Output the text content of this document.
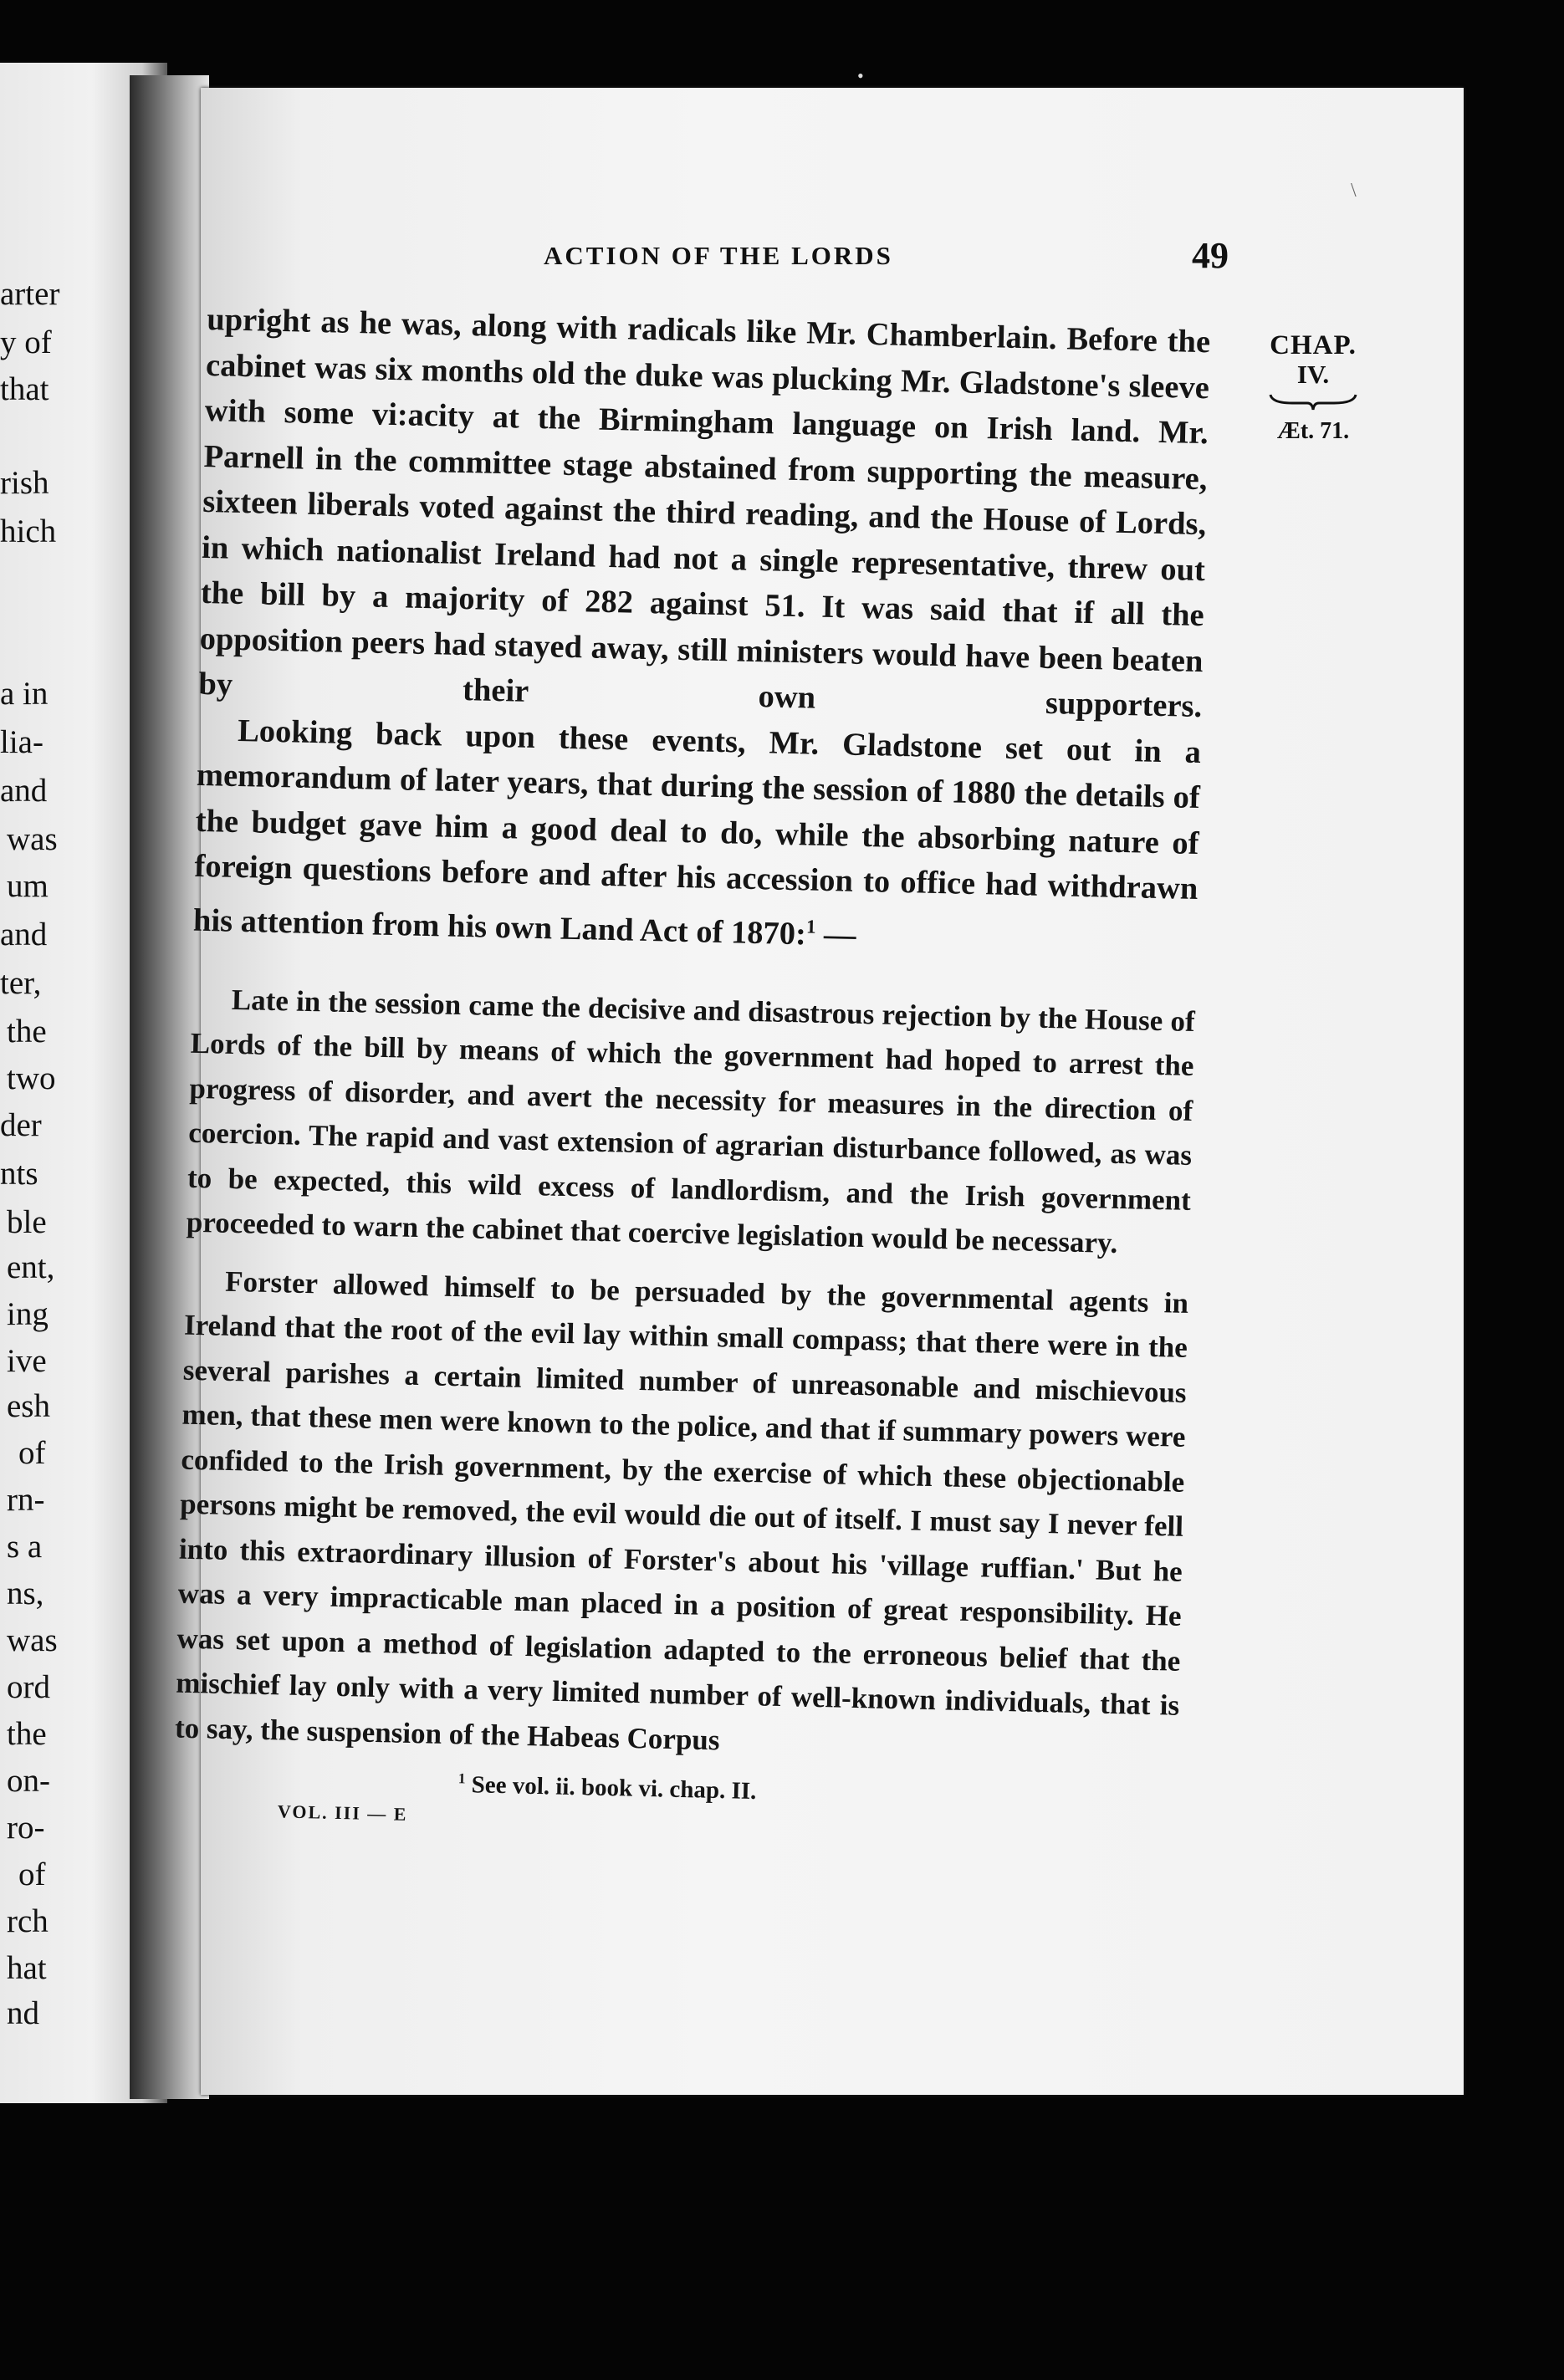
arter
y of
that
rish
hich
a in
lia-
and
was
um
and
ter,
the
two
der
nts
ble
ent,
ing
ive
esh
of
rn-
s a
ns,
was
ord
the
on-
ro-
of
rch
hat
nd
•
\
ACTION OF THE LORDS	49
CHAP.
IV.
Æt. 71.

upright as he was, along with radicals like Mr. Chamberlain. Before the cabinet was six months old the duke was plucking Mr. Gladstone's sleeve with some vi:acity at the Birmingham language on Irish land. Mr. Parnell in the committee stage abstained from supporting the measure, sixteen liberals voted against the third reading, and the House of Lords, in which nationalist Ireland had not a single representative, threw out the bill by a majority of 282 against 51. It was said that if all the opposition peers had stayed away, still ministers would have been beaten by their own supporters.

Looking back upon these events, Mr. Gladstone set out in a memorandum of later years, that during the session of 1880 the details of the budget gave him a good deal to do, while the absorbing nature of foreign questions before and after his accession to office had withdrawn his attention from his own Land Act of 1870:$^1$ —

Late in the session came the decisive and disastrous rejection by the House of Lords of the bill by means of which the government had hoped to arrest the progress of disorder, and avert the necessity for measures in the direction of coercion. The rapid and vast extension of agrarian disturbance followed, as was to be expected, this wild excess of landlordism, and the Irish government proceeded to warn the cabinet that coercive legislation would be necessary.

Forster allowed himself to be persuaded by the governmental agents in Ireland that the root of the evil lay within small compass; that there were in the several parishes a certain limited number of unreasonable and mischievous men, that these men were known to the police, and that if summary powers were confided to the Irish government, by the exercise of which these objectionable persons might be removed, the evil would die out of itself. I must say I never fell into this extraordinary illusion of Forster's about his 'village ruffian.' But he was a very impracticable man placed in a position of great responsibility. He was set upon a method of legislation adapted to the erroneous belief that the mischief lay only with a very limited number of well-known individuals, that is to say, the suspension of the Habeas Corpus

$^1$ See vol. ii. book vi. chap. II.

VOL. III — E
